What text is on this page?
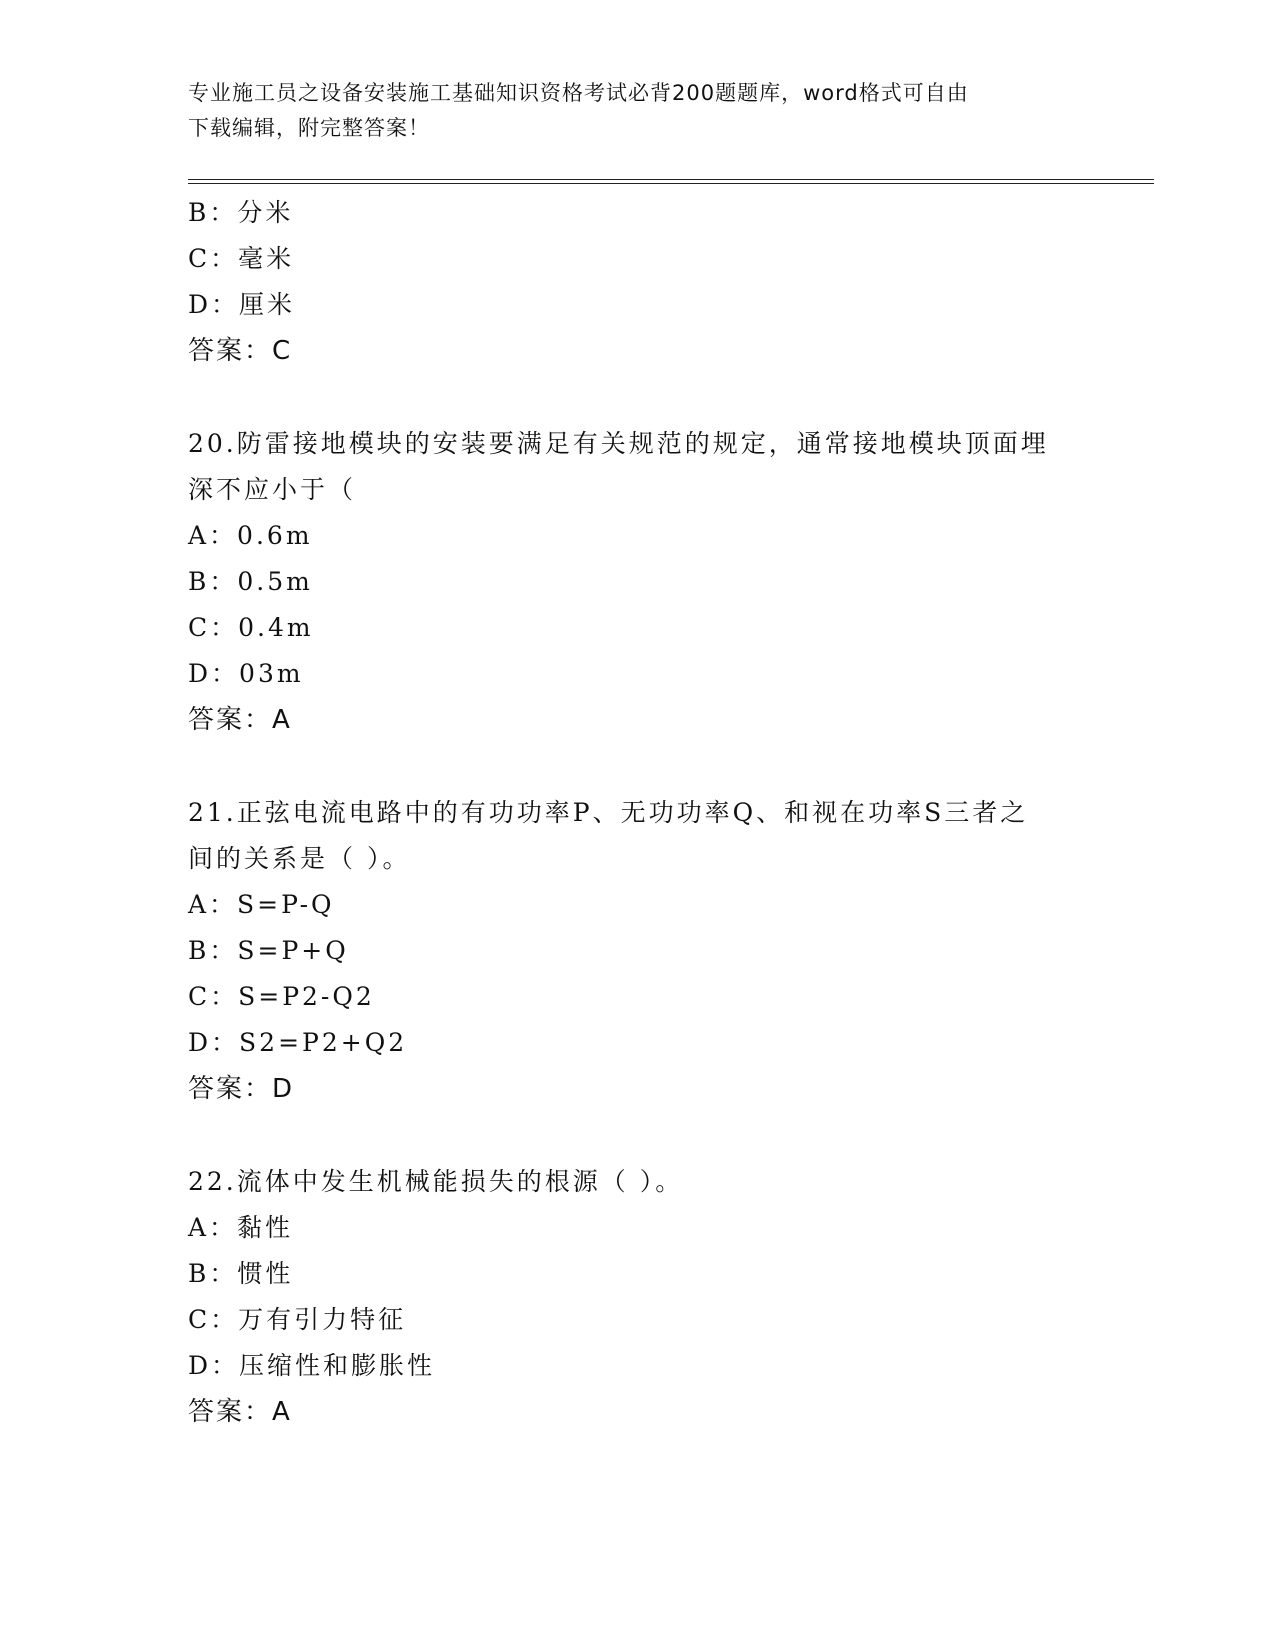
专业施工员之设备安装施工基础知识资格考试必背200题题库，word格式可自由
下载编辑，附完整答案！
B：分米
C：毫米
D：厘米
答案：C
20.防雷接地模块的安装要满足有关规范的规定，通常接地模块顶面埋
深不应小于（
A：0.6m
B：0.5m
C：0.4m
D：03m
答案：A
21.正弦电流电路中的有功功率P、无功功率Q、和视在功率S三者之
间的关系是（ ）。
A：S=P-Q
B：S=P+Q
C：S=P2-Q2
D：S2=P2+Q2
答案：D
22.流体中发生机械能损失的根源（ ）。
A：黏性
B：惯性
C：万有引力特征
D：压缩性和膨胀性
答案：A
